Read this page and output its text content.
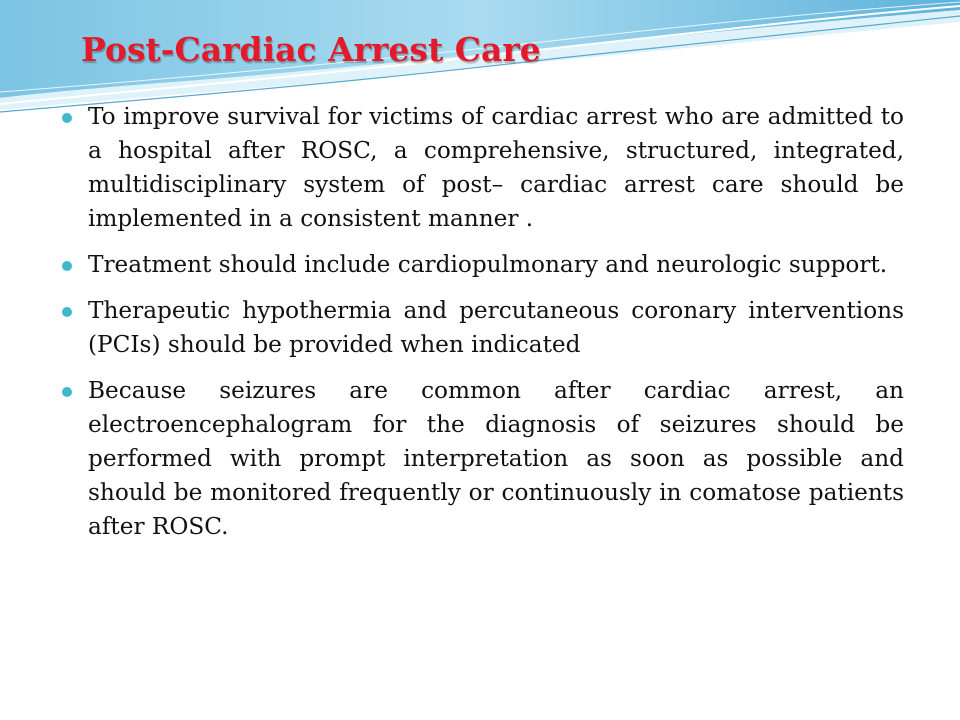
Post-Cardiac Arrest Care
To improve survival for victims of cardiac arrest who are admitted to a hospital after ROSC, a comprehensive, structured, integrated, multidisciplinary system of post– cardiac arrest care should be implemented in a consistent manner .
Treatment should include cardiopulmonary and neurologic support.
Therapeutic hypothermia and percutaneous coronary interventions (PCIs) should be provided when indicated
Because seizures are common after cardiac arrest, an electroencephalogram for the diagnosis of seizures should be performed with prompt interpretation as soon as possible and should be monitored frequently or continuously in comatose patients after ROSC.
